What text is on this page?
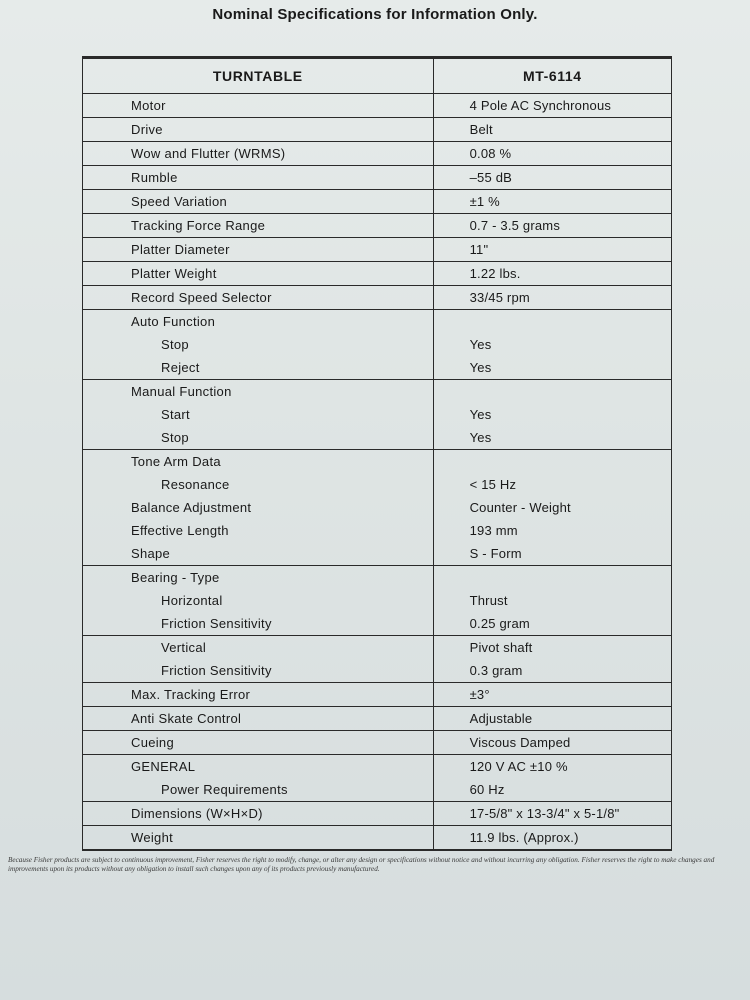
Nominal Specifications for Information Only.
TURNTABLE	MT-6114
Motor	4 Pole AC Synchronous
Drive	Belt
Wow and Flutter (WRMS)	0.08 %
Rumble	–55 dB
Speed Variation	±1 %
Tracking Force Range	0.7 - 3.5 grams
Platter Diameter	11"
Platter Weight	1.22 lbs.
Record Speed Selector	33/45 rpm
Auto Function	
Stop	Yes
Reject	Yes
Manual Function	
Start	Yes
Stop	Yes
Tone Arm Data	
Resonance	< 15 Hz
Balance Adjustment	Counter - Weight
Effective Length	193 mm
Shape	S - Form
Bearing - Type	
Horizontal	Thrust
Friction Sensitivity	0.25 gram
Vertical	Pivot shaft
Friction Sensitivity	0.3 gram
Max. Tracking Error	±3°
Anti Skate Control	Adjustable
Cueing	Viscous Damped
GENERAL	120 V AC ±10 %
Power Requirements	60 Hz
Dimensions (W×H×D)	17-5/8" x 13-3/4" x 5-1/8"
Weight	11.9 lbs. (Approx.)
Because Fisher products are subject to continuous improvement, Fisher reserves the right to modify, change, or alter any design or specifications without notice and without incurring any obligation. Fisher reserves the right to make changes and improvements upon its products without any obligation to install such changes upon any of its products previously manufactured.
